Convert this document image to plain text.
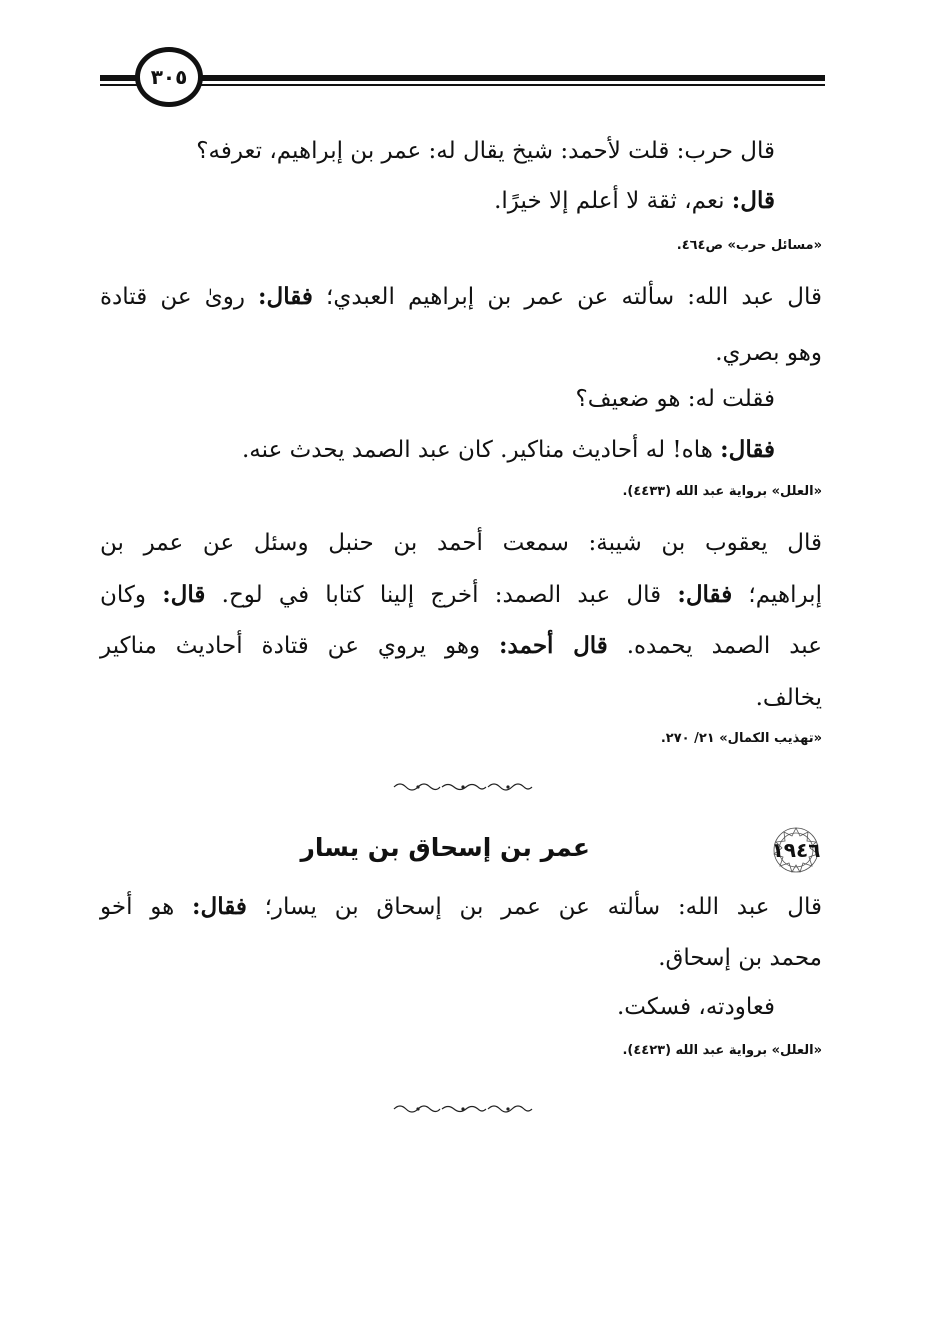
٣٠٥
قال حرب: قلت لأحمد: شيخ يقال له: عمر بن إبراهيم، تعرفه؟
قال: نعم، ثقة لا أعلم إلا خيرًا.
«مسائل حرب» ص٤٦٤.
قال عبد الله: سألته عن عمر بن إبراهيم العبدي؛ فقال: روىٰ عن قتادة
وهو بصري.
فقلت له: هو ضعيف؟
فقال: هاه! له أحاديث مناكير. كان عبد الصمد يحدث عنه.
«العلل» برواية عبد الله (٤٤٣٣).
قال يعقوب بن شيبة: سمعت أحمد بن حنبل وسئل عن عمر بن
إبراهيم؛ فقال: قال عبد الصمد: أخرج إلينا كتابا في لوح. قال: وكان
عبد الصمد يحمده. قال أحمد: وهو يروي عن قتادة أحاديث مناكير
يخالف.
«تهذيب الكمال» ٢١/ ٢٧٠.
١٩٤٦
عمر بن إسحاق بن يسار
قال عبد الله: سألته عن عمر بن إسحاق بن يسار؛ فقال: هو أخو
محمد بن إسحاق.
فعاودته، فسكت.
«العلل» برواية عبد الله (٤٤٢٣).
